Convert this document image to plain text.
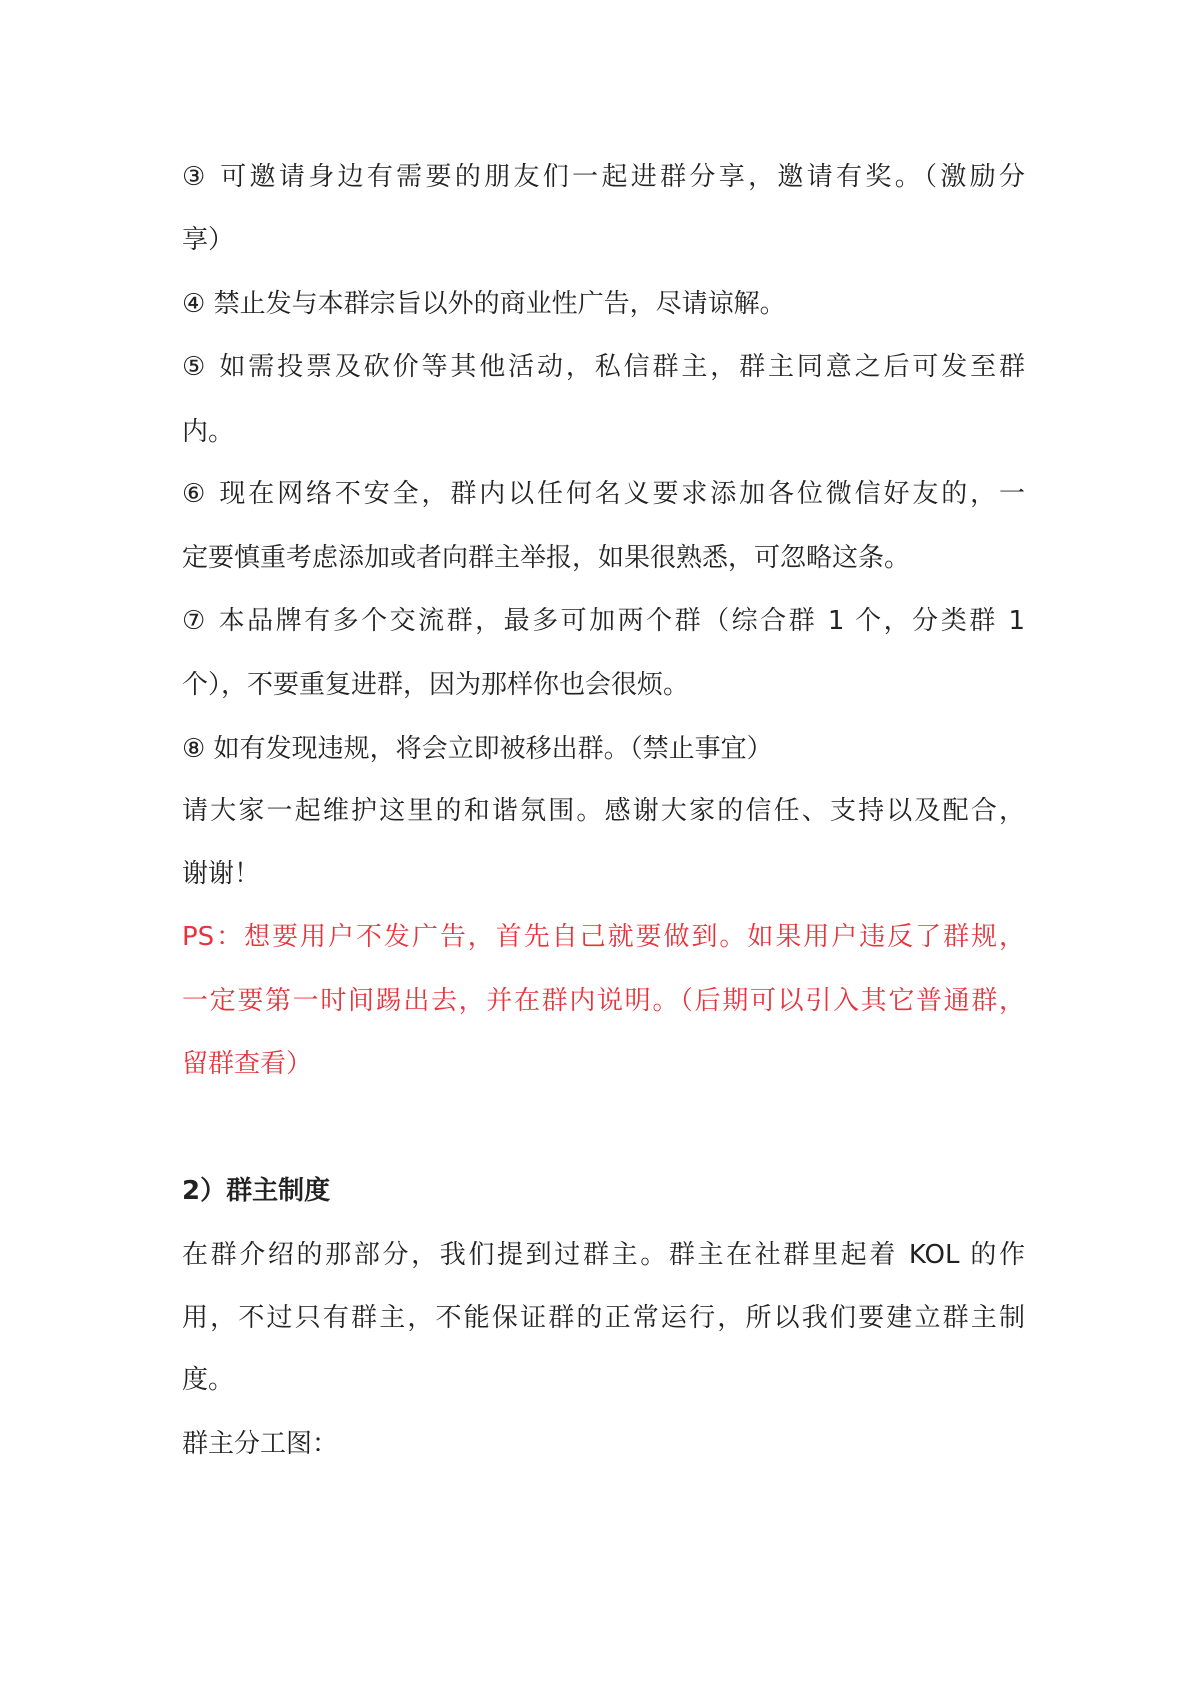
③ 可邀请身边有需要的朋友们一起进群分享，邀请有奖。（激励分
享）
④ 禁止发与本群宗旨以外的商业性广告，尽请谅解。
⑤ 如需投票及砍价等其他活动，私信群主，群主同意之后可发至群
内。
⑥ 现在网络不安全，群内以任何名义要求添加各位微信好友的，一
定要慎重考虑添加或者向群主举报，如果很熟悉，可忽略这条。
⑦ 本品牌有多个交流群，最多可加两个群（综合群 1 个，分类群 1
个），不要重复进群，因为那样你也会很烦。
⑧ 如有发现违规，将会立即被移出群。（禁止事宜）
请大家一起维护这里的和谐氛围。感谢大家的信任、支持以及配合，
谢谢！
PS：想要用户不发广告，首先自己就要做到。如果用户违反了群规，
一定要第一时间踢出去，并在群内说明。（后期可以引入其它普通群，
留群查看）
2）群主制度
在群介绍的那部分，我们提到过群主。群主在社群里起着 KOL 的作
用，不过只有群主，不能保证群的正常运行，所以我们要建立群主制
度。
群主分工图：
